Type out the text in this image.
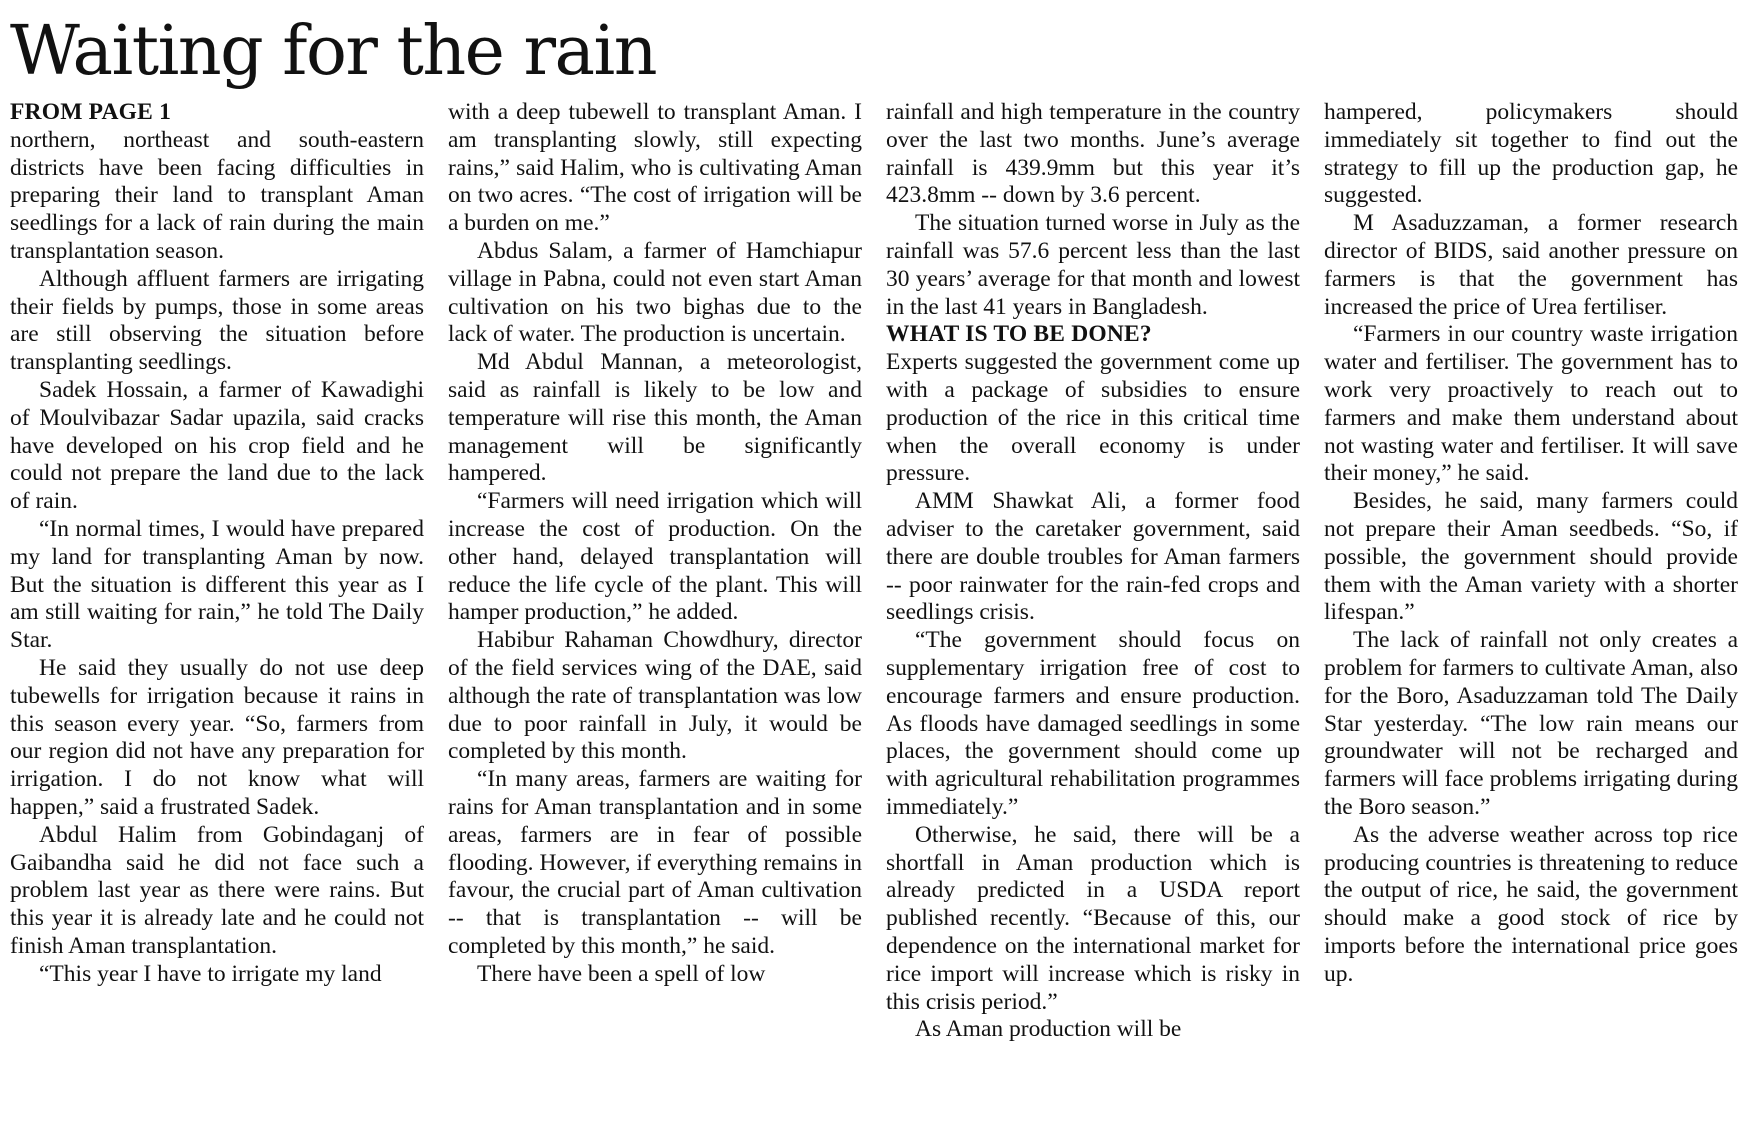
Waiting for the rain
FROM PAGE 1

northern, northeast and south-eastern districts have been facing difficulties in preparing their land to transplant Aman seedlings for a lack of rain during the main transplantation season.

Although affluent farmers are irrigating their fields by pumps, those in some areas are still observing the situation before transplanting seedlings.

Sadek Hossain, a farmer of Kawadighi of Moulvibazar Sadar upazila, said cracks have developed on his crop field and he could not prepare the land due to the lack of rain.

“In normal times, I would have prepared my land for transplanting Aman by now. But the situation is different this year as I am still waiting for rain,” he told The Daily Star.

He said they usually do not use deep tubewells for irrigation because it rains in this season every year. “So, farmers from our region did not have any preparation for irrigation. I do not know what will happen,” said a frustrated Sadek.

Abdul Halim from Gobindaganj of Gaibandha said he did not face such a problem last year as there were rains. But this year it is already late and he could not finish Aman transplantation.

“This year I have to irrigate my land

with a deep tubewell to transplant Aman. I am transplanting slowly, still expecting rains,” said Halim, who is cultivating Aman on two acres. “The cost of irrigation will be a burden on me.”

Abdus Salam, a farmer of Hamchiapur village in Pabna, could not even start Aman cultivation on his two bighas due to the lack of water. The production is uncertain.

Md Abdul Mannan, a meteorologist, said as rainfall is likely to be low and temperature will rise this month, the Aman management will be significantly hampered.

“Farmers will need irrigation which will increase the cost of production. On the other hand, delayed transplantation will reduce the life cycle of the plant. This will hamper production,” he added.

Habibur Rahaman Chowdhury, director of the field services wing of the DAE, said although the rate of transplantation was low due to poor rainfall in July, it would be completed by this month.

“In many areas, farmers are waiting for rains for Aman transplantation and in some areas, farmers are in fear of possible flooding. However, if everything remains in favour, the crucial part of Aman cultivation -- that is transplantation -- will be completed by this month,” he said.

There have been a spell of low

rainfall and high temperature in the country over the last two months. June’s average rainfall is 439.9mm but this year it’s 423.8mm -- down by 3.6 percent.

The situation turned worse in July as the rainfall was 57.6 percent less than the last 30 years’ average for that month and lowest in the last 41 years in Bangladesh.

WHAT IS TO BE DONE?

Experts suggested the government come up with a package of subsidies to ensure production of the rice in this critical time when the overall economy is under pressure.

AMM Shawkat Ali, a former food adviser to the caretaker government, said there are double troubles for Aman farmers -- poor rainwater for the rain-fed crops and seedlings crisis.

“The government should focus on supplementary irrigation free of cost to encourage farmers and ensure production. As floods have damaged seedlings in some places, the government should come up with agricultural rehabilitation programmes immediately.”

Otherwise, he said, there will be a shortfall in Aman production which is already predicted in a USDA report published recently. “Because of this, our dependence on the international market for rice import will increase which is risky in this crisis period.”

As Aman production will be

hampered, policymakers should immediately sit together to find out the strategy to fill up the production gap, he suggested.

M Asaduzzaman, a former research director of BIDS, said another pressure on farmers is that the government has increased the price of Urea fertiliser.

“Farmers in our country waste irrigation water and fertiliser. The government has to work very proactively to reach out to farmers and make them understand about not wasting water and fertiliser. It will save their money,” he said.

Besides, he said, many farmers could not prepare their Aman seedbeds. “So, if possible, the government should provide them with the Aman variety with a shorter lifespan.”

The lack of rainfall not only creates a problem for farmers to cultivate Aman, also for the Boro, Asaduzzaman told The Daily Star yesterday. “The low rain means our groundwater will not be recharged and farmers will face problems irrigating during the Boro season.”

As the adverse weather across top rice producing countries is threatening to reduce the output of rice, he said, the government should make a good stock of rice by imports before the international price goes up.
